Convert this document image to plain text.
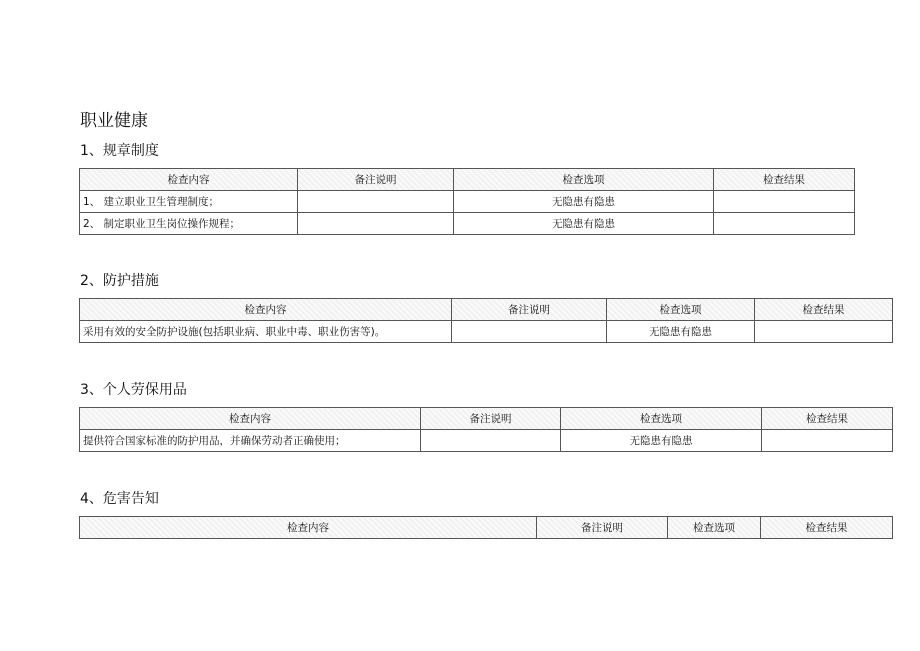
职业健康
1、规章制度
检查内容	备注说明	检查选项	检查结果
1、 建立职业卫生管理制度；		无隐患有隐患	
2、 制定职业卫生岗位操作规程；		无隐患有隐患	
2、防护措施
检查内容	备注说明	检查选项	检查结果
采用有效的安全防护设施(包括职业病、职业中毒、职业伤害等)。		无隐患有隐患	
3、个人劳保用品
检查内容	备注说明	检查选项	检查结果
提供符合国家标准的防护用品，并确保劳动者正确使用；		无隐患有隐患	
4、危害告知
检查内容	备注说明	检查选项	检查结果
